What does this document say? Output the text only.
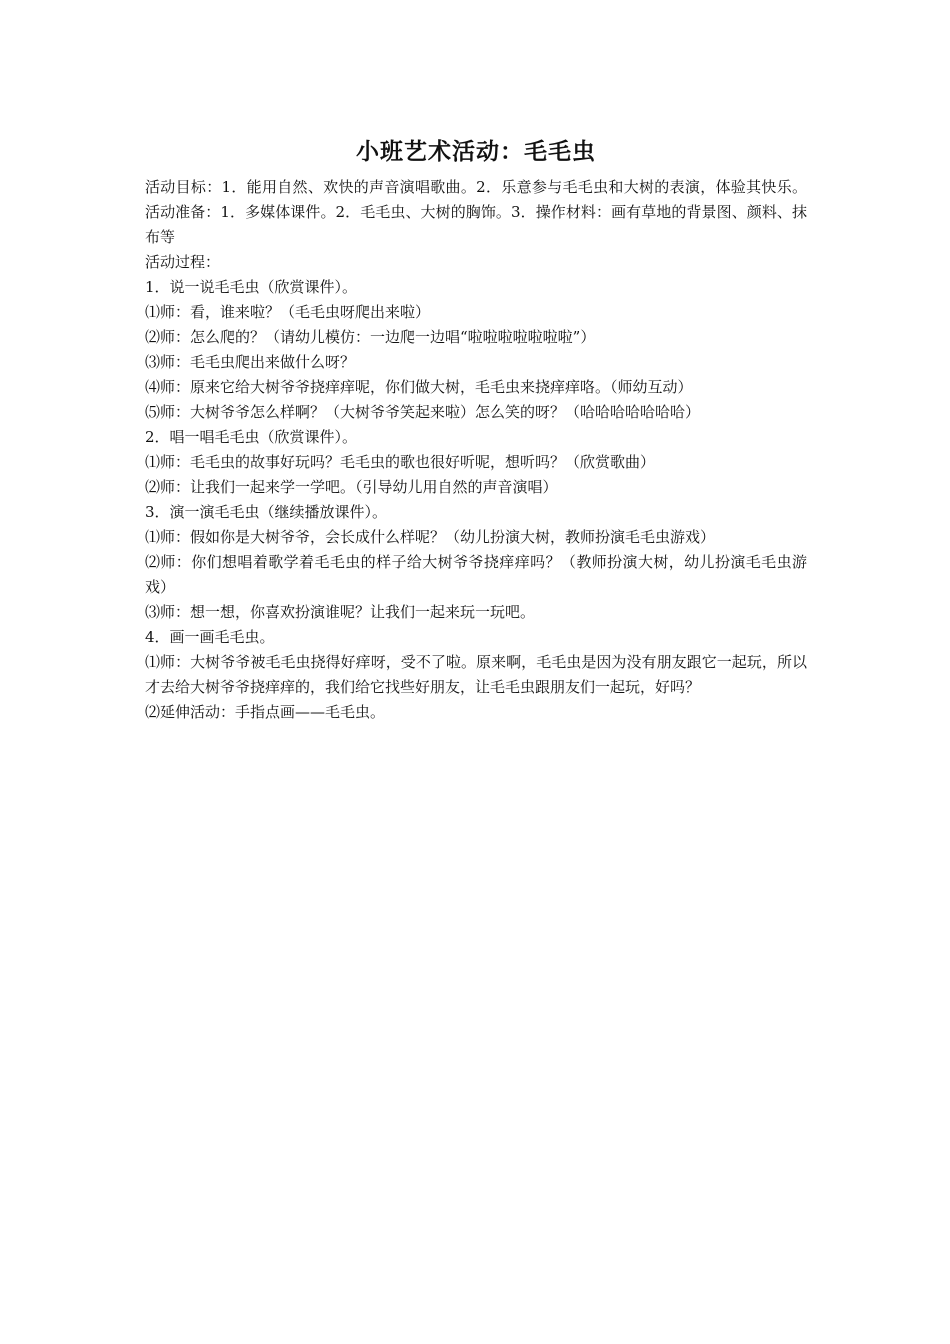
小班艺术活动：毛毛虫

活动目标：1．能用自然、欢快的声音演唱歌曲。2．乐意参与毛毛虫和大树的表演，体验其快乐。活动准备：1．多媒体课件。2．毛毛虫、大树的胸饰。3．操作材料：画有草地的背景图、颜料、抹布等

活动过程：

1．说一说毛毛虫（欣赏课件）。

⑴师：看，谁来啦？（毛毛虫呀爬出来啦）

⑵师：怎么爬的？（请幼儿模仿：一边爬一边唱“啦啦啦啦啦啦啦”）

⑶师：毛毛虫爬出来做什么呀？

⑷师：原来它给大树爷爷挠痒痒呢，你们做大树，毛毛虫来挠痒痒咯。（师幼互动）

⑸师：大树爷爷怎么样啊？（大树爷爷笑起来啦）怎么笑的呀？（哈哈哈哈哈哈哈）

2．唱一唱毛毛虫（欣赏课件）。

⑴师：毛毛虫的故事好玩吗？毛毛虫的歌也很好听呢，想听吗？（欣赏歌曲）

⑵师：让我们一起来学一学吧。（引导幼儿用自然的声音演唱）

3．演一演毛毛虫（继续播放课件）。

⑴师：假如你是大树爷爷，会长成什么样呢？（幼儿扮演大树，教师扮演毛毛虫游戏）

⑵师：你们想唱着歌学着毛毛虫的样子给大树爷爷挠痒痒吗？（教师扮演大树，幼儿扮演毛毛虫游戏）

⑶师：想一想，你喜欢扮演谁呢？让我们一起来玩一玩吧。

4．画一画毛毛虫。

⑴师：大树爷爷被毛毛虫挠得好痒呀，受不了啦。原来啊，毛毛虫是因为没有朋友跟它一起玩，所以才去给大树爷爷挠痒痒的，我们给它找些好朋友，让毛毛虫跟朋友们一起玩，好吗？

⑵延伸活动：手指点画——毛毛虫。
